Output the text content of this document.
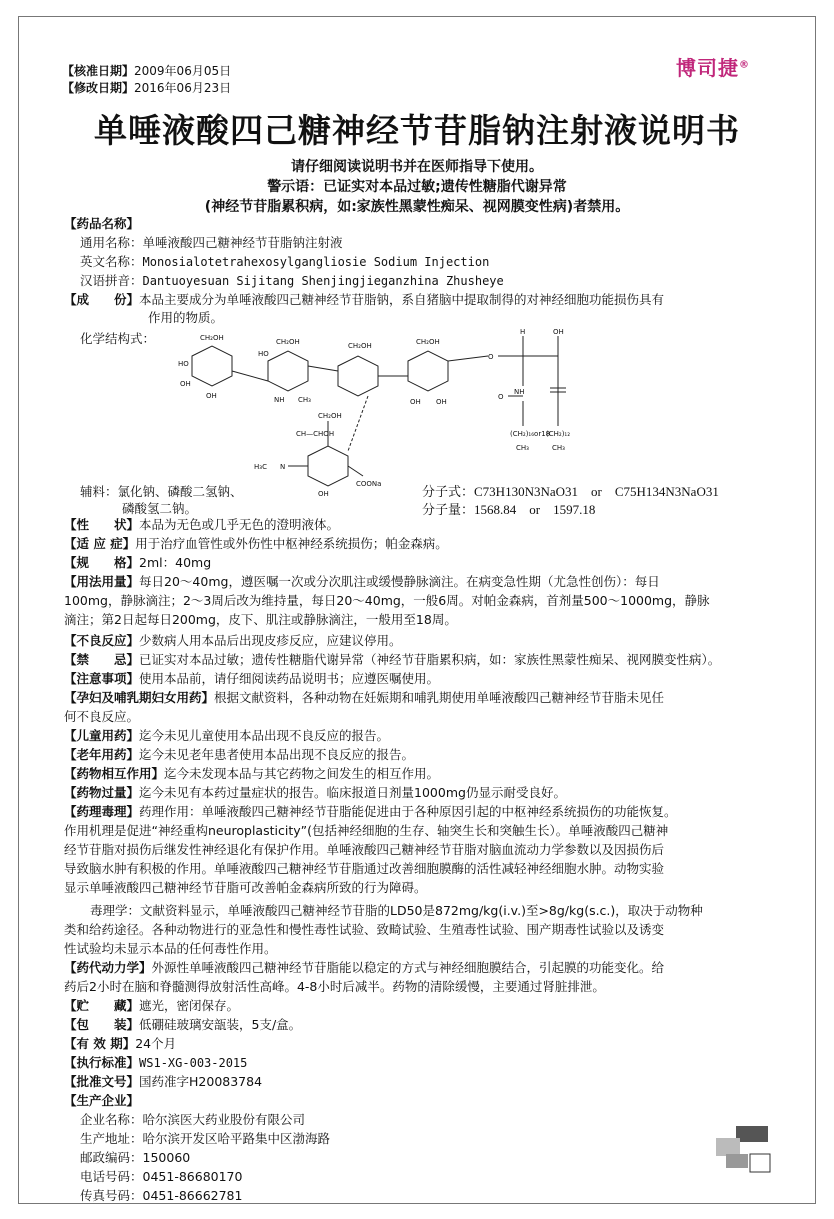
【核准日期】2009年06月05日
【修改日期】2016年06月23日
博司捷®
单唾液酸四己糖神经节苷脂钠注射液说明书
请仔细阅读说明书并在医师指导下使用。
警示语：已证实对本品过敏;遗传性糖脂代谢异常
(神经节苷脂累积病，如:家族性黑蒙性痴呆、视网膜变性病)者禁用。
【药品名称】
通用名称：单唾液酸四己糖神经节苷脂钠注射液
英文名称：Monosialotetrahexosylgangliosie Sodium Injection
汉语拼音：Dantuoyesuan Sijitang Shenjingjieganzhina Zhusheye
【成　　份】本品主要成分为单唾液酸四己糖神经节苷脂钠，系自猪脑中提取制得的对神经细胞功能损伤具有
作用的物质。
化学结构式：	CH₂OH
HO
OH
OH
CH₂OH
HO
NH CH₃
CH₂OH	CH₂OH
OH
OH
O
H	OH
NH
O
(CH₂)₁₆or18
(CH₂)₁₂
CH₃	CH₃
CH₂OH
CH—CHOH
H₃C N
COONa
OH
辅料：氯化钠、磷酸二氢钠、
磷酸氢二钠。
分子式：C73H130N3NaO31　or　C75H134N3NaO31
分子量：1568.84　or　1597.18
【性　　状】本品为无色或几乎无色的澄明液体。
【适 应 症】用于治疗血管性或外伤性中枢神经系统损伤；帕金森病。
【规　　格】2ml：40mg
【用法用量】每日20～40mg，遵医嘱一次或分次肌注或缓慢静脉滴注。在病变急性期（尤急性创伤）：每日
100mg，静脉滴注；2～3周后改为维持量，每日20～40mg，一般6周。对帕金森病，首剂量500～1000mg，静脉
滴注；第2日起每日200mg，皮下、肌注或静脉滴注，一般用至18周。
【不良反应】少数病人用本品后出现皮疹反应，应建议停用。
【禁　　忌】已证实对本品过敏；遗传性糖脂代谢异常（神经节苷脂累积病，如：家族性黑蒙性痴呆、视网膜变性病）。
【注意事项】使用本品前，请仔细阅读药品说明书；应遵医嘱使用。
【孕妇及哺乳期妇女用药】根据文献资料，各种动物在妊娠期和哺乳期使用单唾液酸四己糖神经节苷脂未见任
何不良反应。
【儿童用药】迄今未见儿童使用本品出现不良反应的报告。
【老年用药】迄今未见老年患者使用本品出现不良反应的报告。
【药物相互作用】迄今未发现本品与其它药物之间发生的相互作用。
【药物过量】迄今未见有本药过量症状的报告。临床报道日剂量1000mg仍显示耐受良好。
【药理毒理】药理作用：单唾液酸四己糖神经节苷脂能促进由于各种原因引起的中枢神经系统损伤的功能恢复。
作用机理是促进“神经重构neuroplasticity”(包括神经细胞的生存、轴突生长和突触生长）。单唾液酸四己糖神
经节苷脂对损伤后继发性神经退化有保护作用。单唾液酸四己糖神经节苷脂对脑血流动力学参数以及因损伤后
导致脑水肿有积极的作用。单唾液酸四己糖神经节苷脂通过改善细胞膜酶的活性减轻神经细胞水肿。动物实验
显示单唾液酸四己糖神经节苷脂可改善帕金森病所致的行为障碍。
毒理学：文献资料显示，单唾液酸四己糖神经节苷脂的LD50是872mg/kg(i.v.)至>8g/kg(s.c.)，取决于动物种
类和给药途径。各种动物进行的亚急性和慢性毒性试验、致畸试验、生殖毒性试验、围产期毒性试验以及诱变
性试验均未显示本品的任何毒性作用。
【药代动力学】外源性单唾液酸四己糖神经节苷脂能以稳定的方式与神经细胞膜结合，引起膜的功能变化。给
药后2小时在脑和脊髓测得放射活性高峰。4-8小时后减半。药物的清除缓慢，主要通过肾脏排泄。
【贮　　藏】遮光，密闭保存。
【包　　装】低硼硅玻璃安瓿装，5支/盒。
【有 效 期】24个月
【执行标准】WS1-XG-003-2015
【批准文号】国药准字H20083784
【生产企业】
企业名称：哈尔滨医大药业股份有限公司
生产地址：哈尔滨开发区哈平路集中区渤海路
邮政编码：150060
电话号码：0451-86680170
传真号码：0451-86662781
